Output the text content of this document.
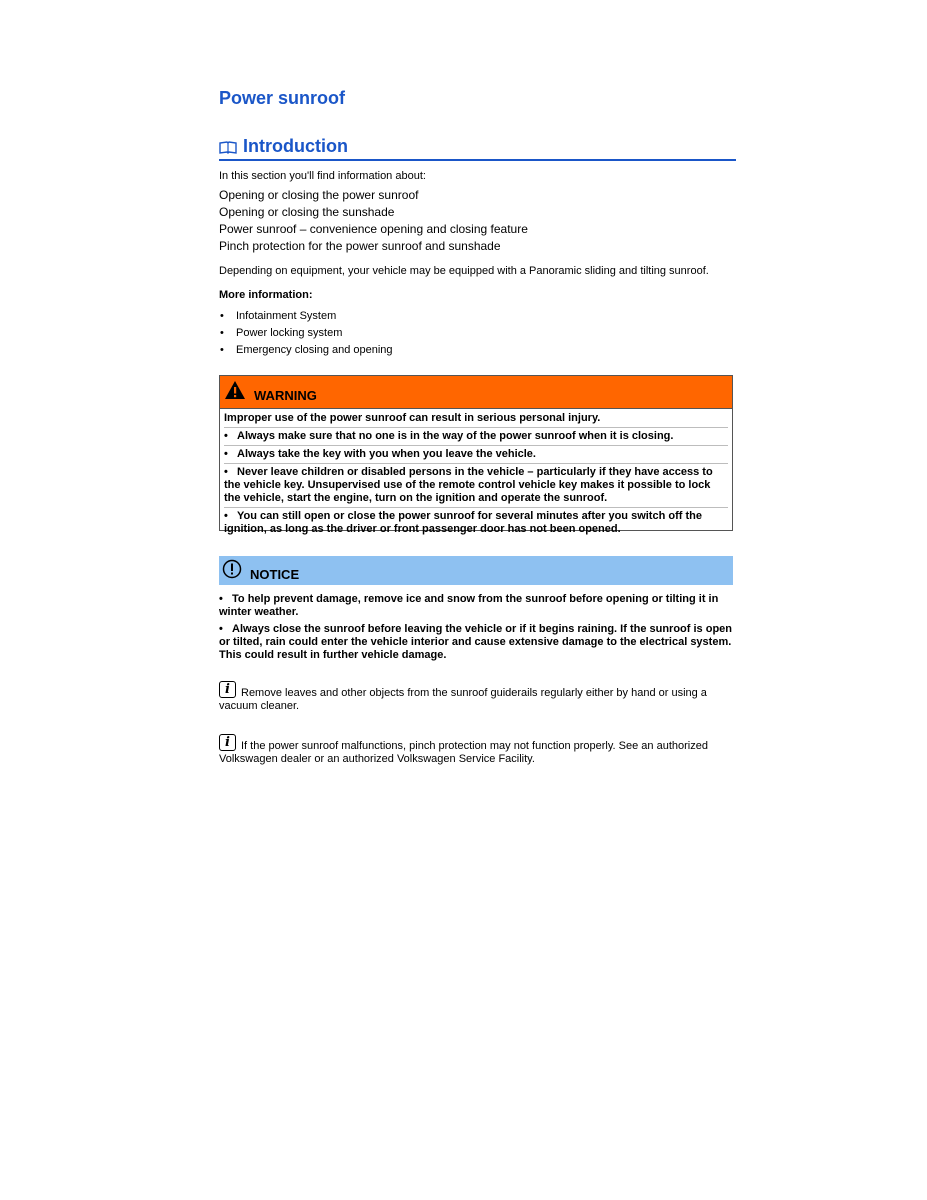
Power sunroof
Introduction
In this section you'll find information about:
Opening or closing the power sunroof
Opening or closing the sunshade
Power sunroof – convenience opening and closing feature
Pinch protection for the power sunroof and sunshade
Depending on equipment, your vehicle may be equipped with a Panoramic sliding and tilting sunroof.
More information:
• Infotainment System
• Power locking system
• Emergency closing and opening
WARNING

Improper use of the power sunroof can result in serious personal injury.

•   Always make sure that no one is in the way of the power sunroof when it is closing.

•   Always take the key with you when you leave the vehicle.

•   Never leave children or disabled persons in the vehicle – particularly if they have access to the vehicle key. Unsupervised use of the remote control vehicle key makes it possible to lock the vehicle, start the engine, turn on the ignition and operate the sunroof.

•   You can still open or close the power sunroof for several minutes after you switch off the ignition, as long as the driver or front passenger door has not been opened.

NOTICE

•   To help prevent damage, remove ice and snow from the sunroof before opening or tilting it in winter weather.

•   Always close the sunroof before leaving the vehicle or if it begins raining. If the sunroof is open or tilted, rain could enter the vehicle interior and cause extensive damage to the electrical system. This could result in further vehicle damage.

iRemove leaves and other objects from the sunroof guiderails regularly either by hand or using a vacuum cleaner.
iIf the power sunroof malfunctions, pinch protection may not function properly. See an authorized Volkswagen dealer or an authorized Volkswagen Service Facility.
